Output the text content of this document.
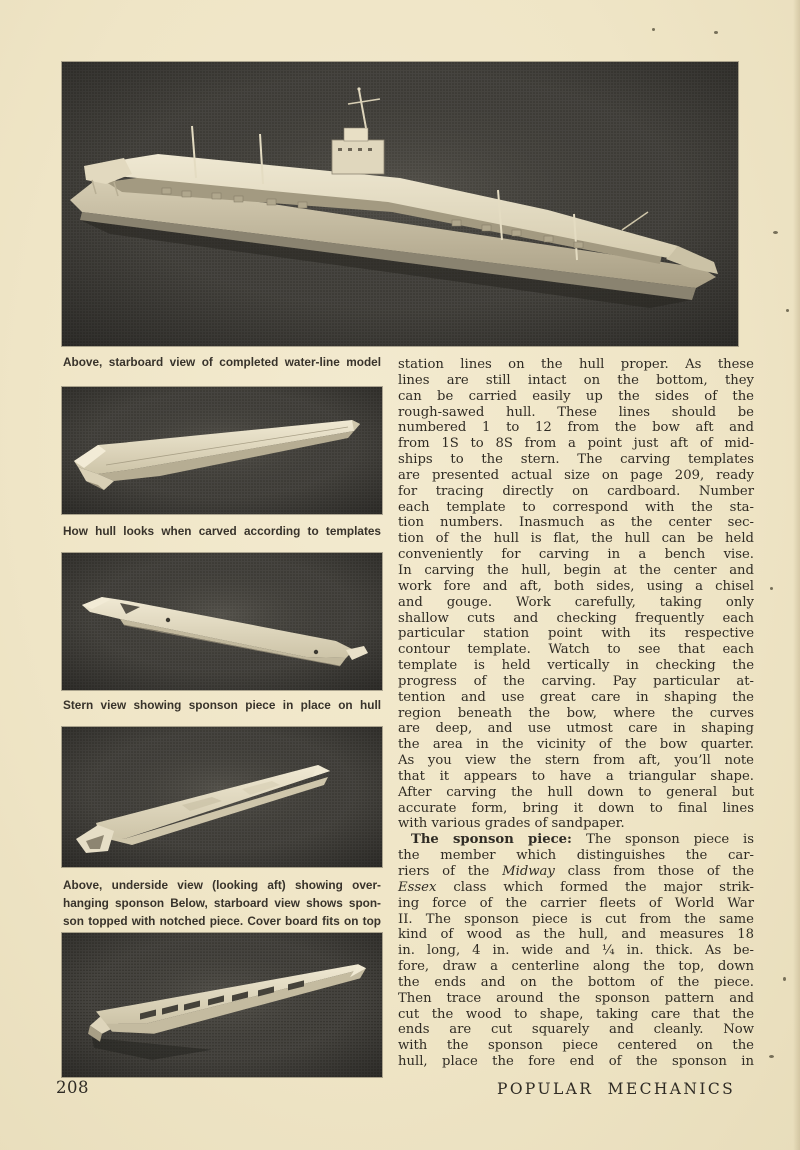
Above, starboard view of completed water-line model
How hull looks when carved according to templates
Stern view showing sponson piece in place on hull
Above, underside view (looking aft) showing over-
hanging sponson Below, starboard view shows spon-
son topped with notched piece. Cover board fits on top
station lines on the hull proper. As these
lines are still intact on the bottom, they
can be carried easily up the sides of the
rough-sawed hull. These lines should be
numbered 1 to 12 from the bow aft and
from 1S to 8S from a point just aft of mid-
ships to the stern. The carving templates
are presented actual size on page 209, ready
for tracing directly on cardboard. Number
each template to correspond with the sta-
tion numbers. Inasmuch as the center sec-
tion of the hull is flat, the hull can be held
conveniently for carving in a bench vise.
In carving the hull, begin at the center and
work fore and aft, both sides, using a chisel
and gouge. Work carefully, taking only
shallow cuts and checking frequently each
particular station point with its respective
contour template. Watch to see that each
template is held vertically in checking the
progress of the carving. Pay particular at-
tention and use great care in shaping the
region beneath the bow, where the curves
are deep, and use utmost care in shaping
the area in the vicinity of the bow quarter.
As you view the stern from aft, you’ll note
that it appears to have a triangular shape.
After carving the hull down to general but
accurate form, bring it down to final lines
with various grades of sandpaper.
The sponson piece: The sponson piece is
the member which distinguishes the car-
riers of the Midway class from those of the
Essex class which formed the major strik-
ing force of the carrier fleets of World War
II. The sponson piece is cut from the same
kind of wood as the hull, and measures 18
in. long, 4 in. wide and ¼ in. thick. As be-
fore, draw a centerline along the top, down
the ends and on the bottom of the piece.
Then trace around the sponson pattern and
cut the wood to shape, taking care that the
ends are cut squarely and cleanly. Now
with the sponson piece centered on the
hull, place the fore end of the sponson in
208	POPULAR MECHANICS
